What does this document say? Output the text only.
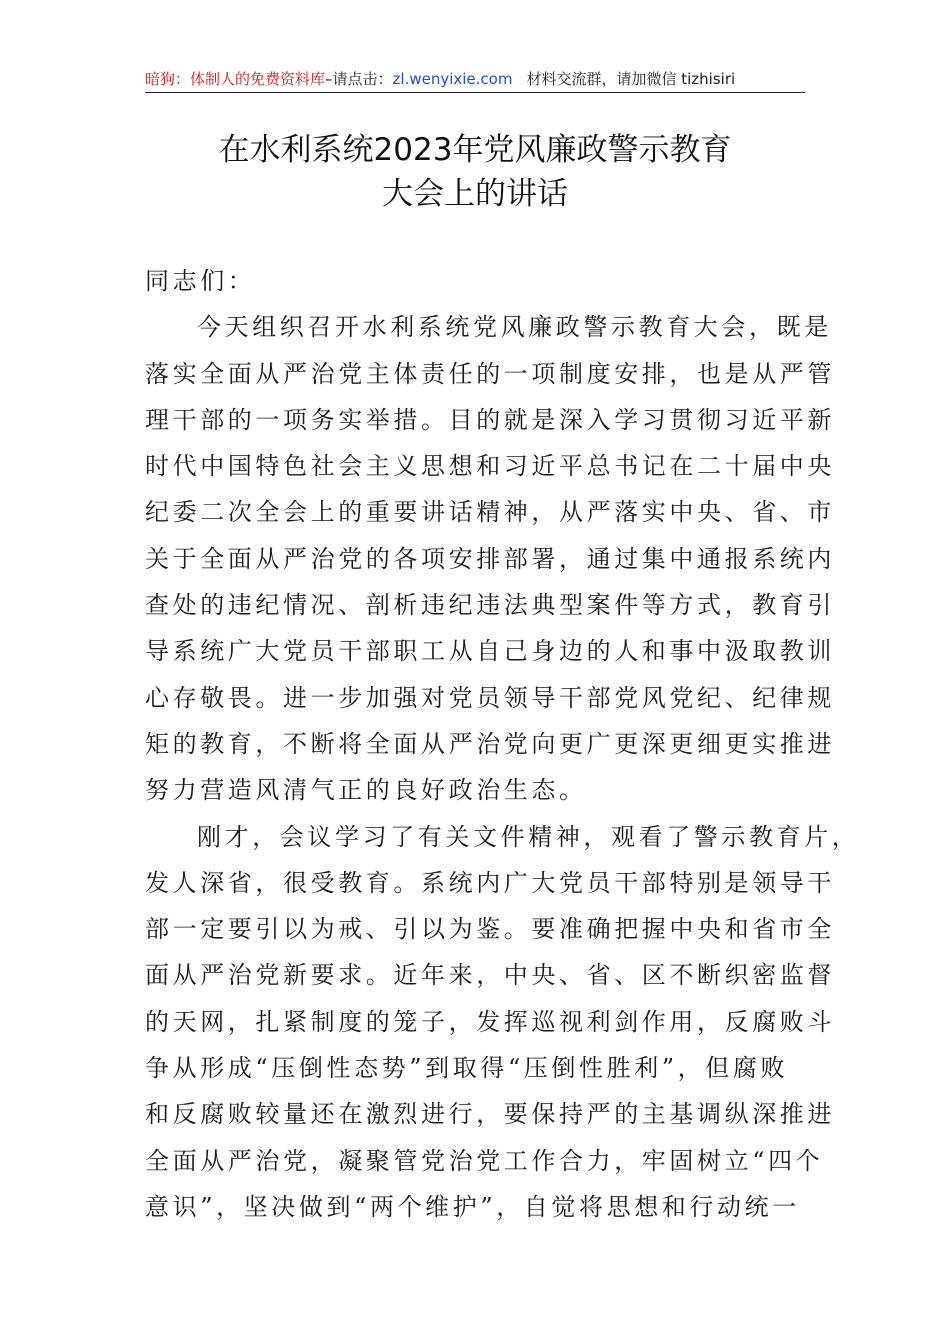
暗狗：体制人的免费资料库–请点击：zl.wenyixie.com 材料交流群，请加微信 tizhisiri
在水利系统2023年党风廉政警示教育
大会上的讲话
同志们：
今天组织召开水利系统党风廉政警示教育大会，既是
落实全面从严治党主体责任的一项制度安排，也是从严管
理干部的一项务实举措。目的就是深入学习贯彻习近平新
时代中国特色社会主义思想和习近平总书记在二十届中央
纪委二次全会上的重要讲话精神，从严落实中央、省、市
关于全面从严治党的各项安排部署，通过集中通报系统内
查处的违纪情况、剖析违纪违法典型案件等方式，教育引
导系统广大党员干部职工从自己身边的人和事中汲取教训
心存敬畏。进一步加强对党员领导干部党风党纪、纪律规
矩的教育，不断将全面从严治党向更广更深更细更实推进
努力营造风清气正的良好政治生态。
刚才，会议学习了有关文件精神，观看了警示教育片，
发人深省，很受教育。系统内广大党员干部特别是领导干
部一定要引以为戒、引以为鉴。要准确把握中央和省市全
面从严治党新要求。近年来，中央、省、区不断织密监督
的天网，扎紧制度的笼子，发挥巡视利剑作用，反腐败斗
争从形成“压倒性态势”到取得“压倒性胜利”，但腐败
和反腐败较量还在激烈进行，要保持严的主基调纵深推进
全面从严治党，凝聚管党治党工作合力，牢固树立“四个
意识”，坚决做到“两个维护”，自觉将思想和行动统一
